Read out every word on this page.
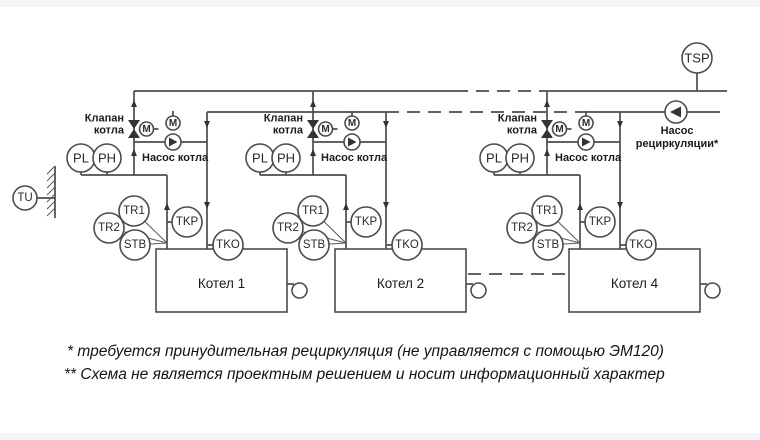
TSP
TU
Насос
рециркуляции*
Котел 1
M
Клапан
котла
M
Насос котла
PL PH
TR1
TR2
STB
TKP
TKO
Котел 2
M
Клапан
котла
M
Насос котла
PL PH
TR1
TR2
STB
TKP
TKO
Котел 4
M
Клапан
котла
M
Насос котла
PL PH
TR1
TR2
STB
TKP
TKO
* требуется принудительная рециркуляция (не управляется с помощью ЭМ120)
** Схема не является проектным решением и носит информационный характер
